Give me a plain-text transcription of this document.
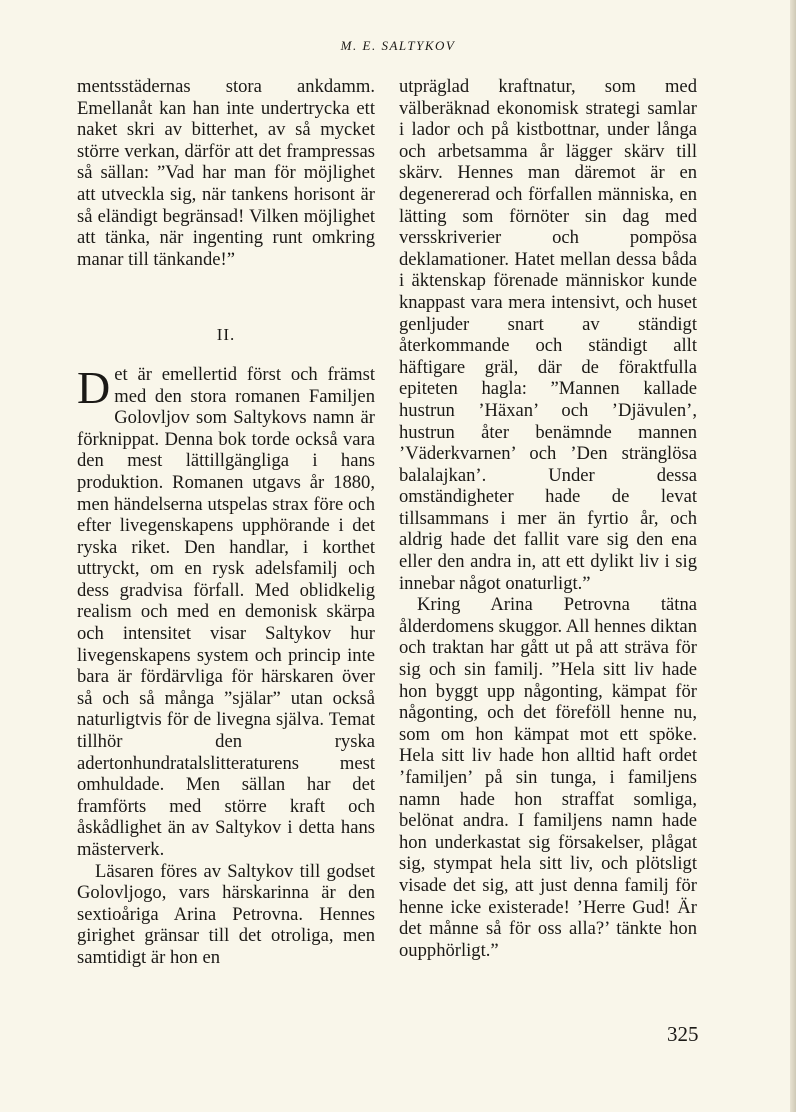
M. E. SALTYKOV

mentsstädernas stora ankdamm. Emellanåt kan han inte undertrycka ett naket skri av bitterhet, av så mycket större verkan, därför att det frampressas så sällan: ”Vad har man för möjlighet att utveckla sig, när tankens horisont är så eländigt begränsad! Vilken möjlighet att tänka, när ingenting runt omkring manar till tänkande!”

II.

Det är emellertid först och främst med den stora romanen Familjen Golovljov som Saltykovs namn är förknippat. Denna bok torde också vara den mest lättillgängliga i hans produktion. Romanen utgavs år 1880, men händelserna utspelas strax före och efter livegenskapens upphörande i det ryska riket. Den handlar, i korthet uttryckt, om en rysk adelsfamilj och dess gradvisa förfall. Med oblidkelig realism och med en demonisk skärpa och intensitet visar Saltykov hur livegenskapens system och princip inte bara är fördärvliga för härskaren över så och så många ”själar” utan också naturligtvis för de livegna själva. Temat tillhör den ryska adertonhundratalslitteraturens mest omhuldade. Men sällan har det framförts med större kraft och åskådlighet än av Saltykov i detta hans mästerverk.

Läsaren föres av Saltykov till godset Golovljogo, vars härskarinna är den sextioåriga Arina Petrovna. Hennes girighet gränsar till det otroliga, men samtidigt är hon en

utpräglad kraftnatur, som med välberäknad ekonomisk strategi samlar i lador och på kistbottnar, under långa och arbetsamma år lägger skärv till skärv. Hennes man däremot är en degenererad och förfallen människa, en lätting som förnöter sin dag med versskriverier och pompösa deklamationer. Hatet mellan dessa båda i äktenskap förenade människor kunde knappast vara mera intensivt, och huset genljuder snart av ständigt återkommande och ständigt allt häftigare gräl, där de föraktfulla epiteten hagla: ”Mannen kallade hustrun ’Häxan’ och ’Djävulen’, hustrun åter benämnde mannen ’Väderkvarnen’ och ’Den stränglösa balalajkan’. Under dessa omständigheter hade de levat tillsammans i mer än fyrtio år, och aldrig hade det fallit vare sig den ena eller den andra in, att ett dylikt liv i sig innebar något onaturligt.”

Kring Arina Petrovna tätna ålderdomens skuggor. All hennes diktan och traktan har gått ut på att sträva för sig och sin familj. ”Hela sitt liv hade hon byggt upp någonting, kämpat för någonting, och det föreföll henne nu, som om hon kämpat mot ett spöke. Hela sitt liv hade hon alltid haft ordet ’familjen’ på sin tunga, i familjens namn hade hon straffat somliga, belönat andra. I familjens namn hade hon underkastat sig försakelser, plågat sig, stympat hela sitt liv, och plötsligt visade det sig, att just denna familj för henne icke existerade! ’Herre Gud! Är det månne så för oss alla?’ tänkte hon oupphörligt.”

325
